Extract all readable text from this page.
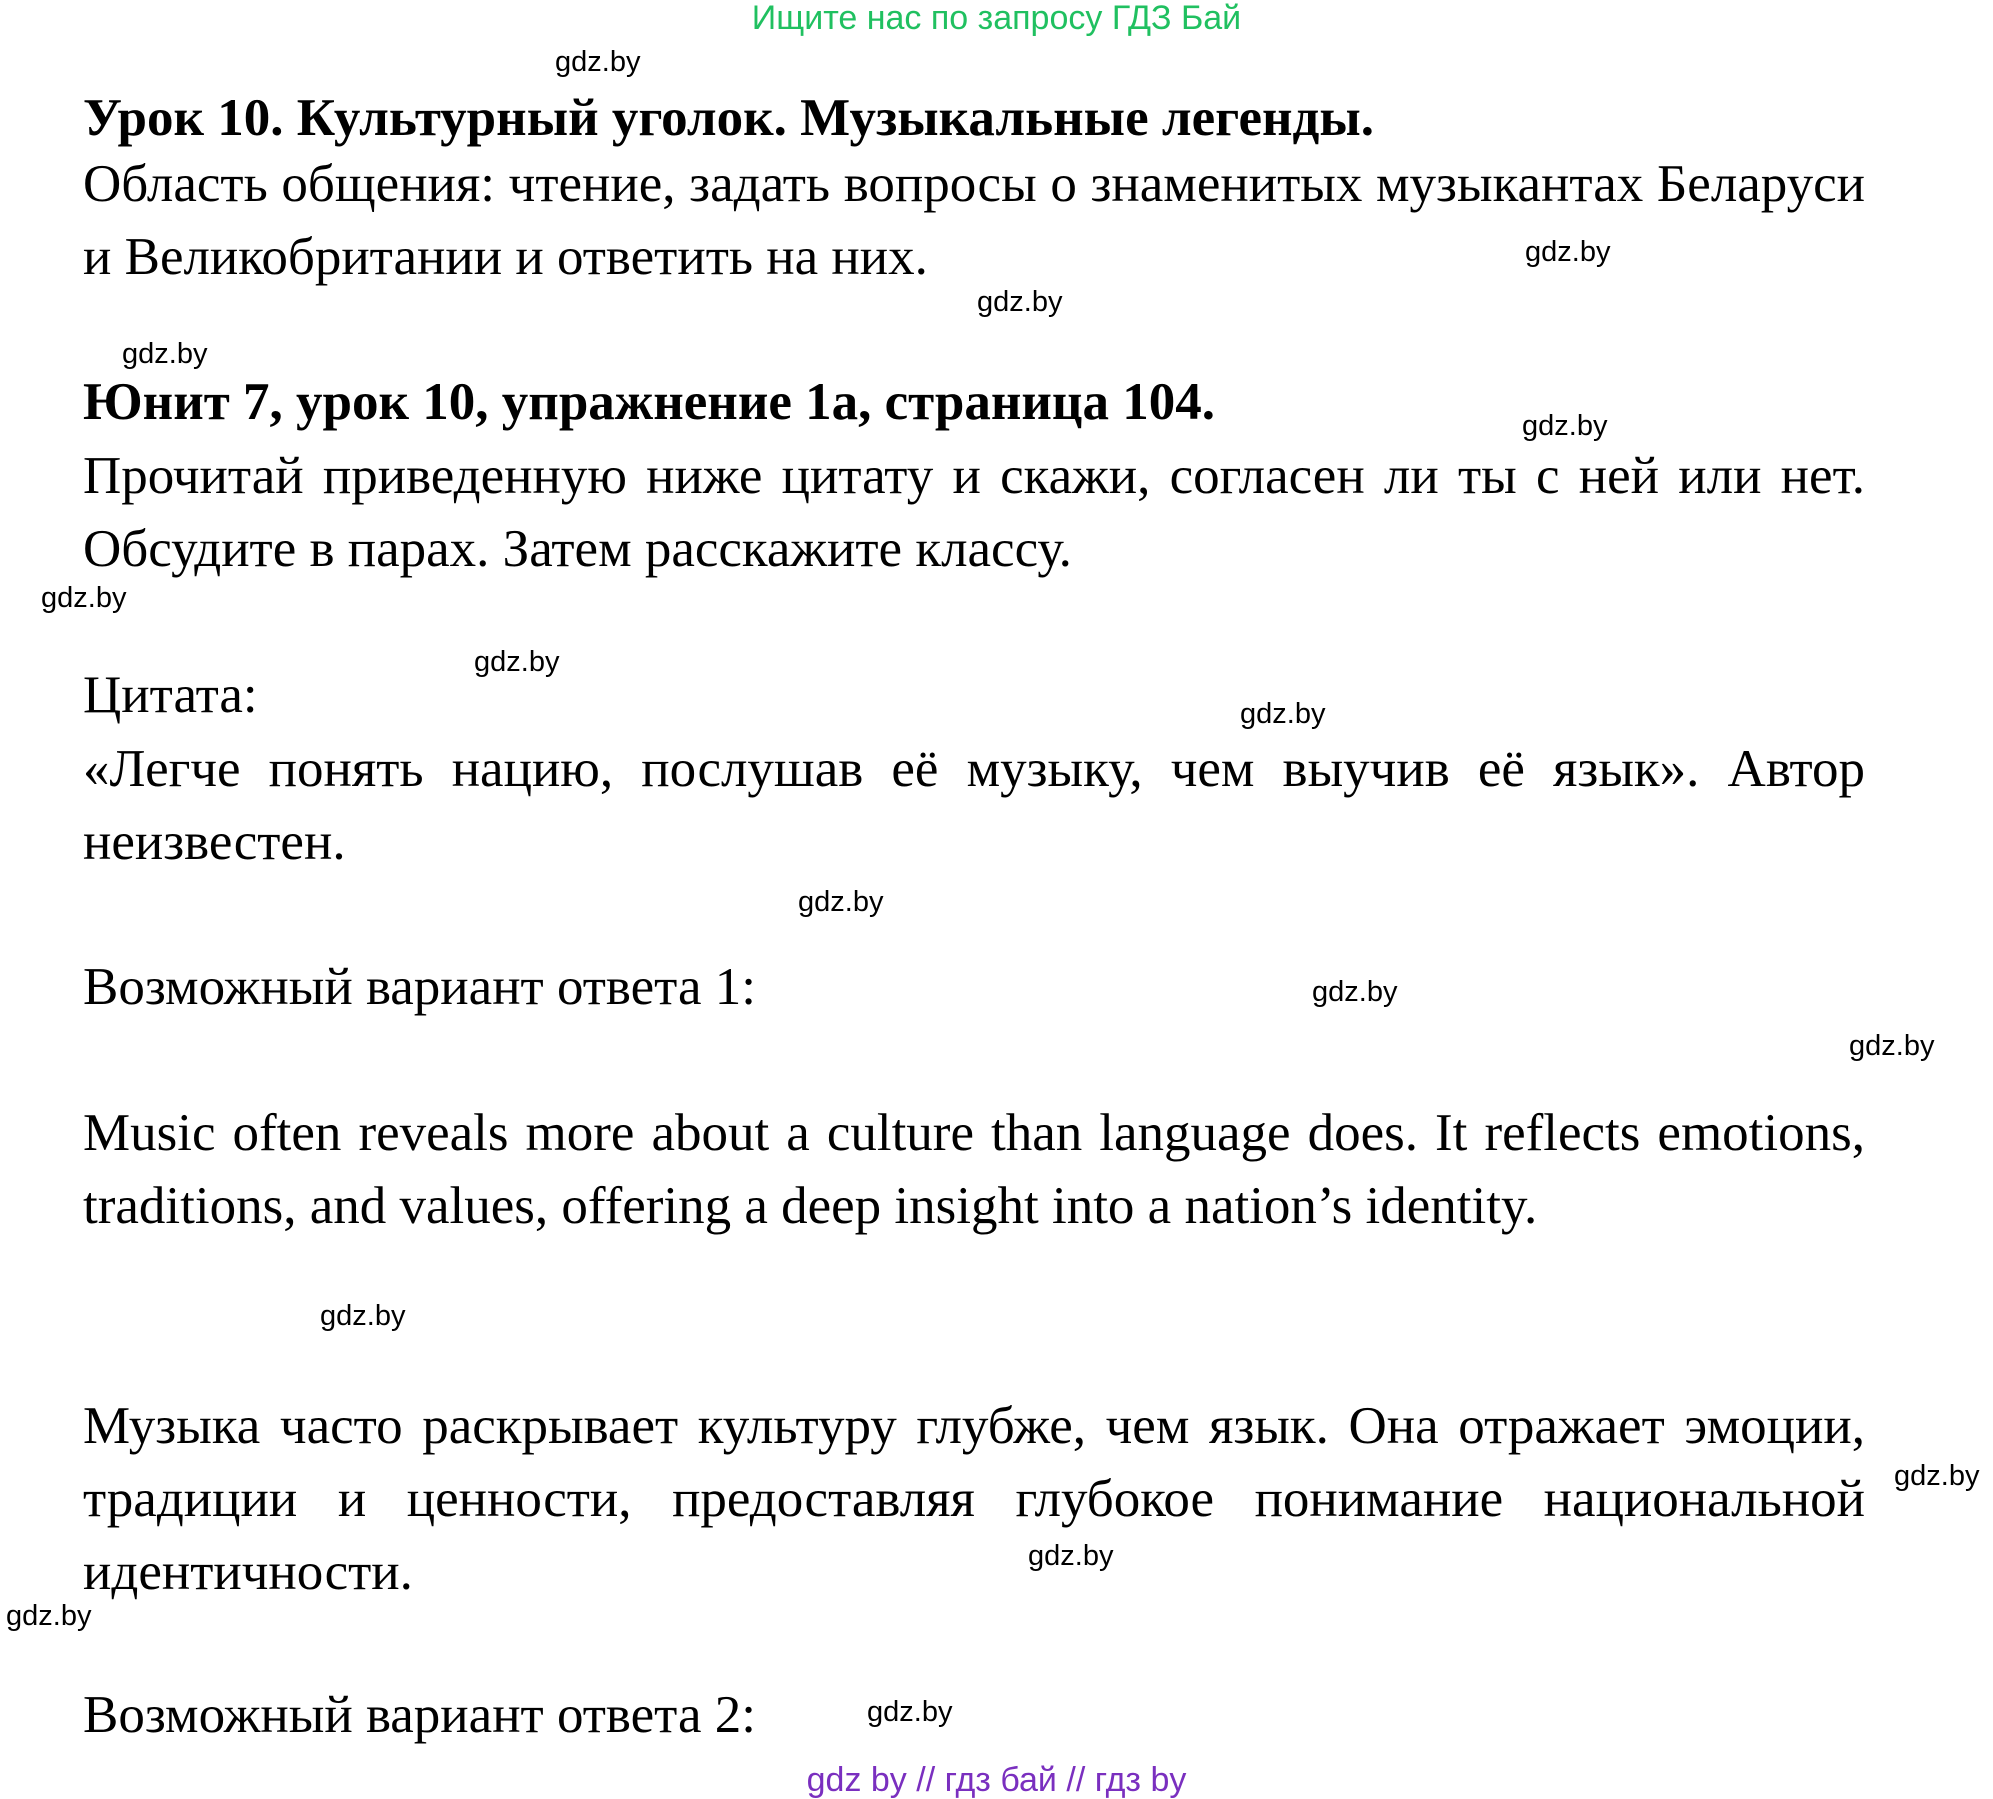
Ищите нас по запросу ГДЗ Бай
Урок 10. Культурный уголок. Музыкальные легенды.
Область общения: чтение, задать вопросы о знаменитых музыкантах Беларуси и Великобритании и ответить на них.
Юнит 7, урок 10, упражнение 1a, страница 104.
Прочитай приведенную ниже цитату и скажи, согласен ли ты с ней или нет. Обсудите в парах. Затем расскажите классу.
Цитата:
«Легче понять нацию, послушав её музыку, чем выучив её язык». Автор неизвестен.
Возможный вариант ответа 1:
Music often reveals more about a culture than language does. It reflects emotions, traditions, and values, offering a deep insight into a nation’s identity.
Музыка часто раскрывает культуру глубже, чем язык. Она отражает эмоции, традиции и ценности, предоставляя глубокое понимание национальной идентичности.
Возможный вариант ответа 2:
gdz.by
gdz.by
gdz.by
gdz.by
gdz.by
gdz.by
gdz.by
gdz.by
gdz.by
gdz.by
gdz.by
gdz.by
gdz.by
gdz.by
gdz.by
gdz.by
gdz by // гдз бай // гдз by
